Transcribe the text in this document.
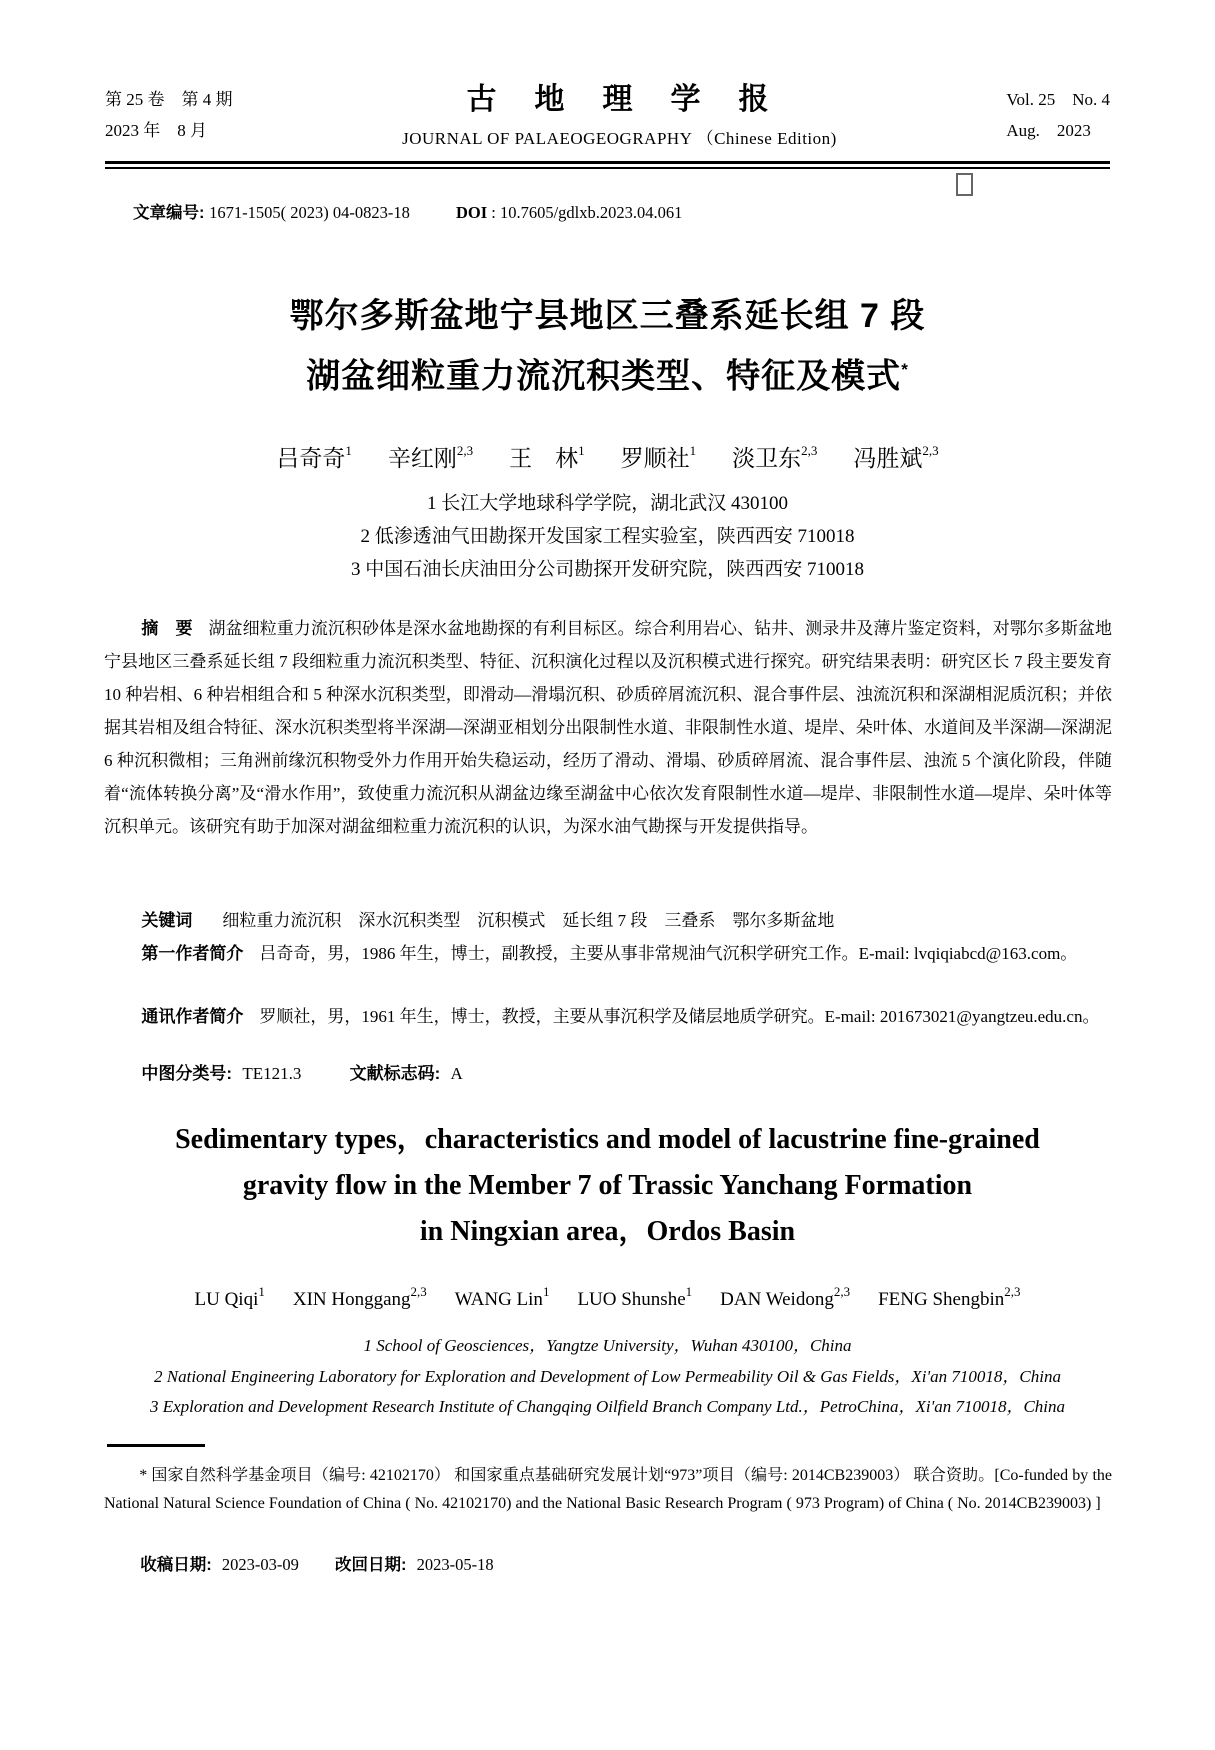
第 25 卷　第 4 期
2023 年　8 月
古　地　理　学　报
JOURNAL OF PALAEOGEOGRAPHY （Chinese Edition)
Vol. 25　No. 4
Aug.　2023
文章编号: 1671-1505( 2023) 04-0823-18	DOI : 10.7605/gdlxb.2023.04.061
鄂尔多斯盆地宁县地区三叠系延长组 7 段
湖盆细粒重力流沉积类型、特征及模式*
吕奇奇$^1$ 辛红刚$^{2,3}$ 王　林$^1$ 罗顺社$^1$ 淡卫东$^{2,3}$ 冯胜斌$^{2,3}$
1 长江大学地球科学学院，湖北武汉 430100
2 低渗透油气田勘探开发国家工程实验室，陕西西安 710018
3 中国石油长庆油田分公司勘探开发研究院，陕西西安 710018
摘　要 湖盆细粒重力流沉积砂体是深水盆地勘探的有利目标区。综合利用岩心、钻井、测录井及薄片鉴定资料，对鄂尔多斯盆地宁县地区三叠系延长组 7 段细粒重力流沉积类型、特征、沉积演化过程以及沉积模式进行探究。研究结果表明：研究区长 7 段主要发育 10 种岩相、6 种岩相组合和 5 种深水沉积类型，即滑动—滑塌沉积、砂质碎屑流沉积、混合事件层、浊流沉积和深湖相泥质沉积；并依据其岩相及组合特征、深水沉积类型将半深湖—深湖亚相划分出限制性水道、非限制性水道、堤岸、朵叶体、水道间及半深湖—深湖泥 6 种沉积微相；三角洲前缘沉积物受外力作用开始失稳运动，经历了滑动、滑塌、砂质碎屑流、混合事件层、浊流 5 个演化阶段，伴随着“流体转换分离”及“滑水作用”，致使重力流沉积从湖盆边缘至湖盆中心依次发育限制性水道—堤岸、非限制性水道—堤岸、朵叶体等沉积单元。该研究有助于加深对湖盆细粒重力流沉积的认识，为深水油气勘探与开发提供指导。
关键词 细粒重力流沉积　深水沉积类型　沉积模式　延长组 7 段　三叠系　鄂尔多斯盆地
第一作者简介 吕奇奇，男，1986 年生，博士，副教授，主要从事非常规油气沉积学研究工作。E-mail: lvqiqiabcd@163.com。
通讯作者简介 罗顺社，男，1961 年生，博士，教授，主要从事沉积学及储层地质学研究。E-mail: 201673021@yangtzeu.edu.cn。
中图分类号: TE121.3	文献标志码: A
Sedimentary types，characteristics and model of lacustrine fine-grained
gravity flow in the Member 7 of Trassic Yanchang Formation
in Ningxian area，Ordos Basin
LU Qiqi$^1$ XIN Honggang$^{2,3}$ WANG Lin$^1$ LUO Shunshe$^1$ DAN Weidong$^{2,3}$ FENG Shengbin$^{2,3}$
1 School of Geosciences，Yangtze University，Wuhan 430100，China
2 National Engineering Laboratory for Exploration and Development of Low Permeability Oil & Gas Fields，Xi'an 710018，China
3 Exploration and Development Research Institute of Changqing Oilfield Branch Company Ltd.，PetroChina，Xi'an 710018，China
* 国家自然科学基金项目（编号: 42102170） 和国家重点基础研究发展计划“973”项目（编号: 2014CB239003） 联合资助。[Co-funded by the National Natural Science Foundation of China ( No. 42102170) and the National Basic Research Program ( 973 Program) of China ( No. 2014CB239003) ]
收稿日期: 2023-03-09 改回日期: 2023-05-18
